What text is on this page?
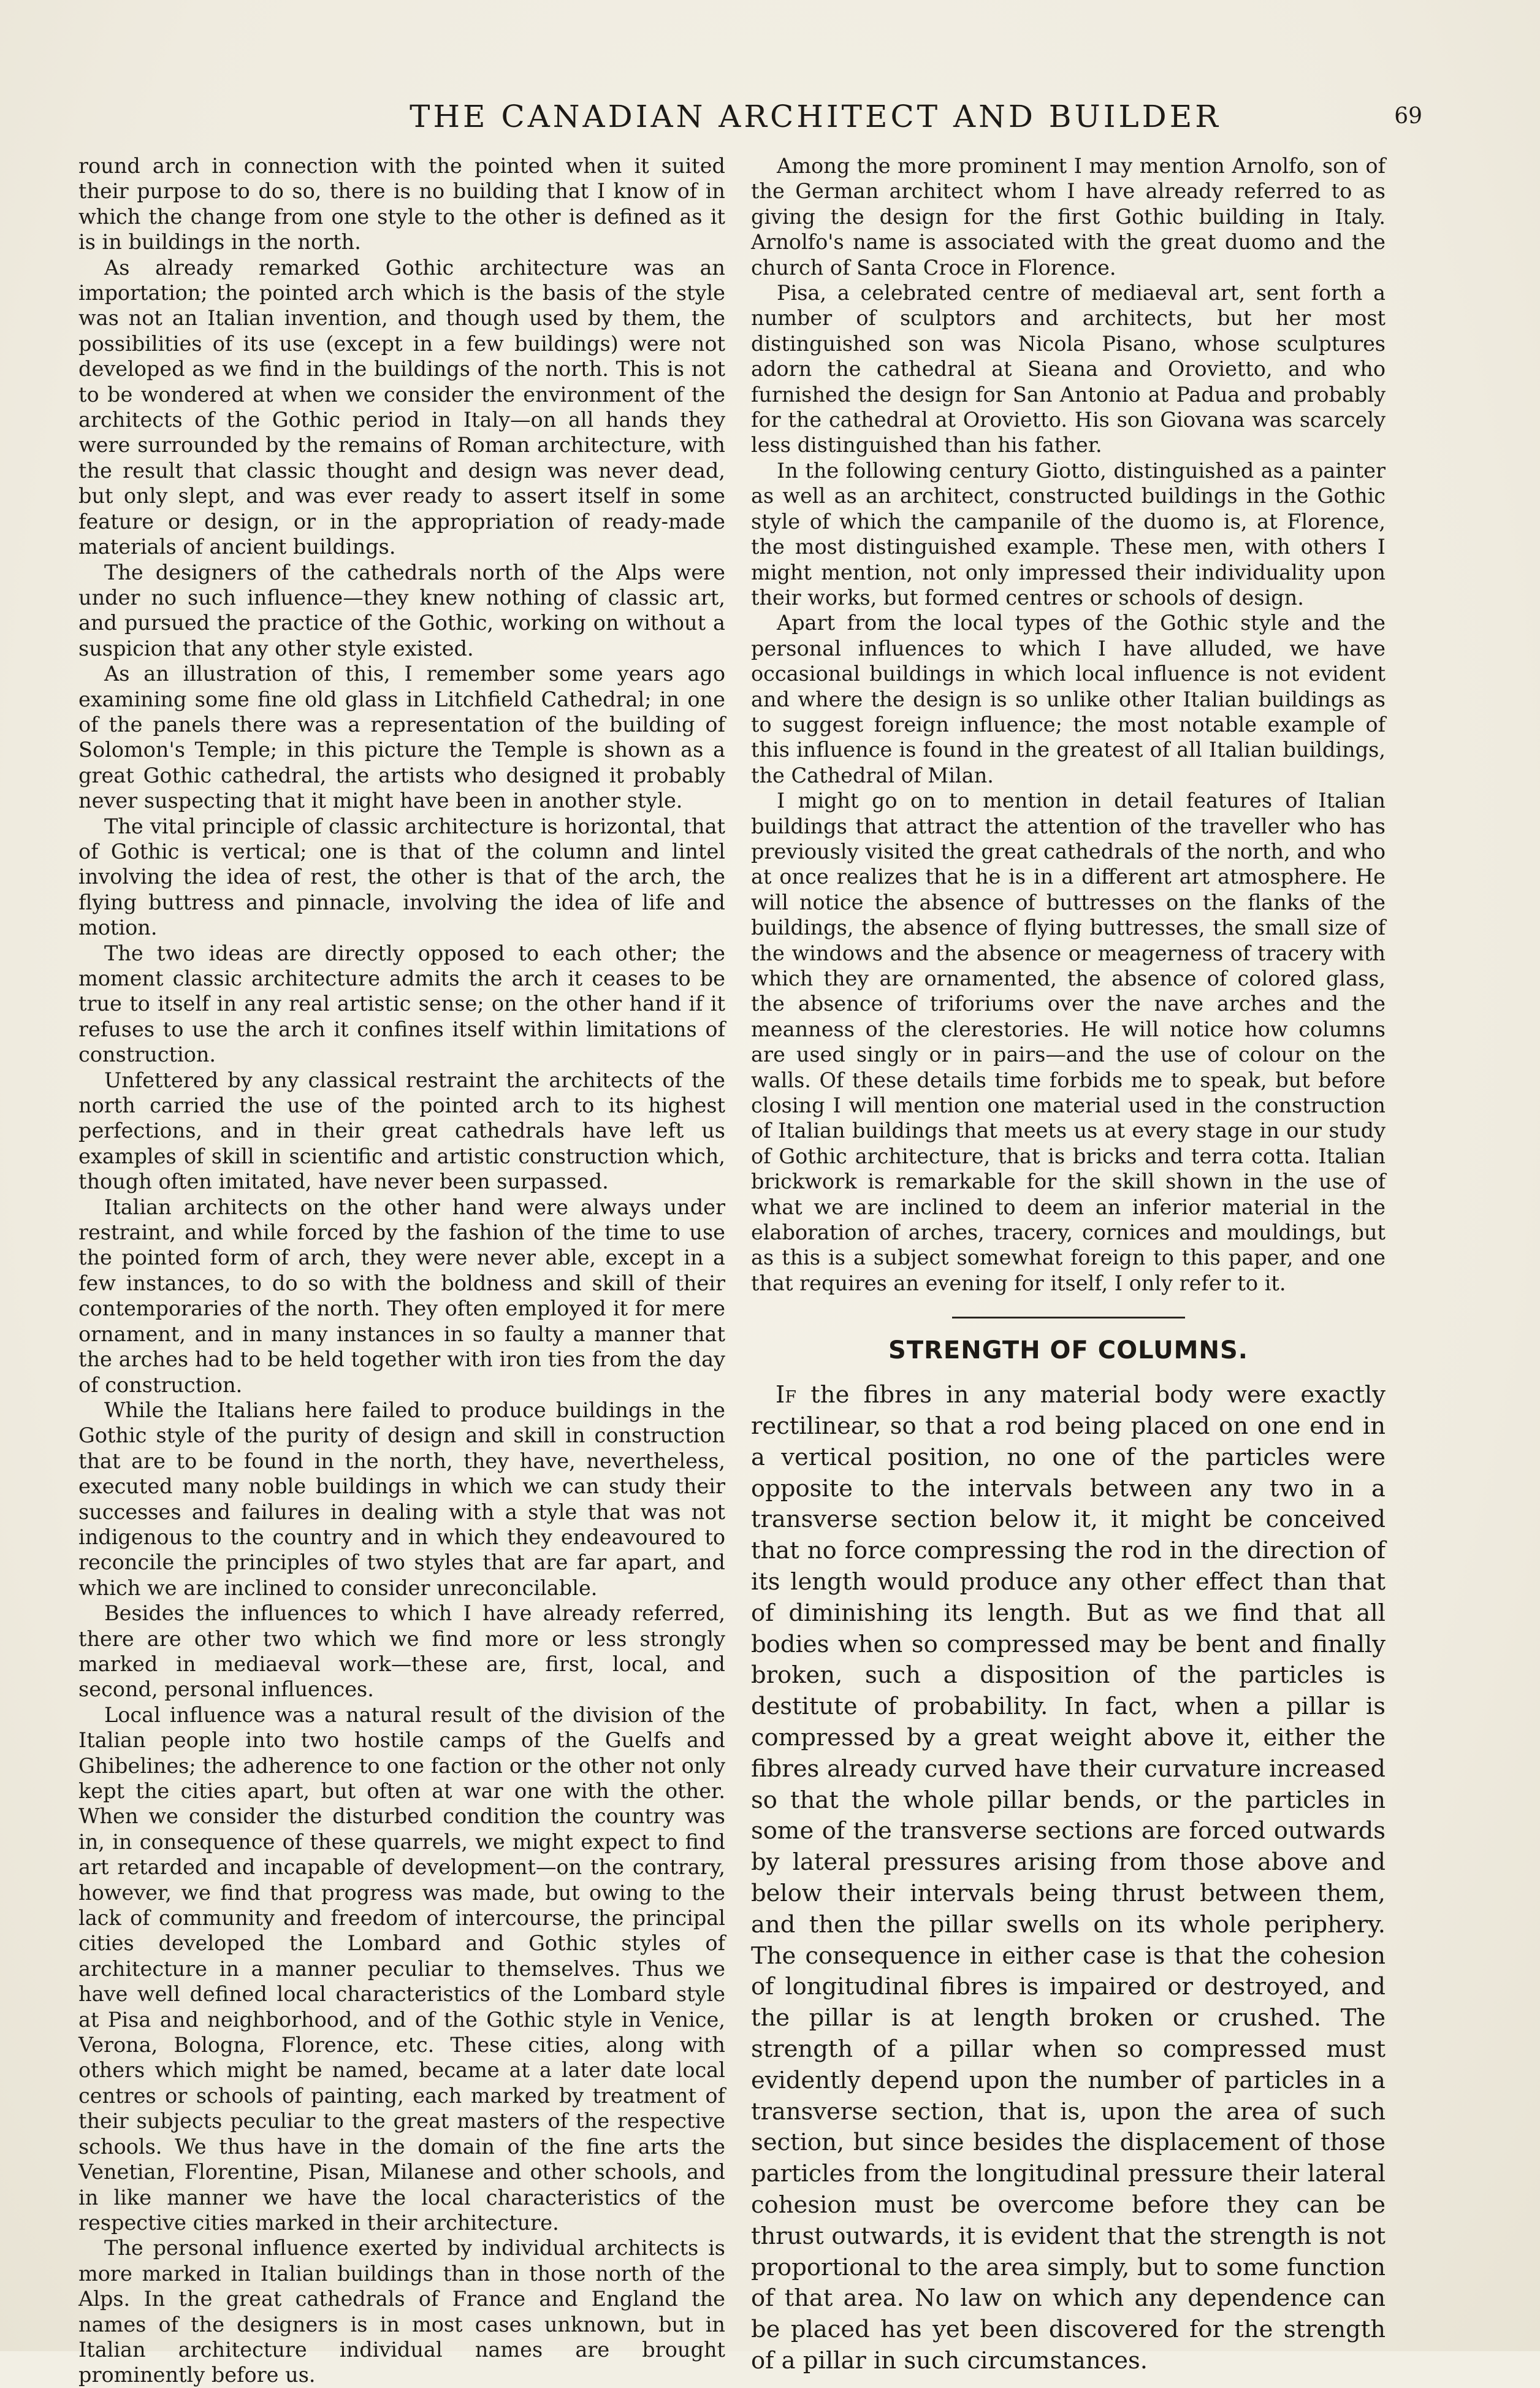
THE CANADIAN ARCHITECT AND BUILDER	69

round arch in connection with the pointed when it suited their purpose to do so, there is no building that I know of in which the change from one style to the other is defined as it is in buildings in the north.

As already remarked Gothic architecture was an importation; the pointed arch which is the basis of the style was not an Italian invention, and though used by them, the possibilities of its use (except in a few buildings) were not developed as we find in the buildings of the north. This is not to be wondered at when we consider the environment of the architects of the Gothic period in Italy—on all hands they were surrounded by the remains of Roman architecture, with the result that classic thought and design was never dead, but only slept, and was ever ready to assert itself in some feature or design, or in the appropriation of ready-made materials of ancient buildings.

The designers of the cathedrals north of the Alps were under no such influence—they knew nothing of classic art, and pursued the practice of the Gothic, working on without a suspicion that any other style existed.

As an illustration of this, I remember some years ago examining some fine old glass in Litchfield Cathedral; in one of the panels there was a representation of the building of Solomon's Temple; in this picture the Temple is shown as a great Gothic cathedral, the artists who designed it probably never suspecting that it might have been in another style.

The vital principle of classic architecture is horizontal, that of Gothic is vertical; one is that of the column and lintel involving the idea of rest, the other is that of the arch, the flying buttress and pinnacle, involving the idea of life and motion.

The two ideas are directly opposed to each other; the moment classic architecture admits the arch it ceases to be true to itself in any real artistic sense; on the other hand if it refuses to use the arch it confines itself within limitations of construction.

Unfettered by any classical restraint the architects of the north carried the use of the pointed arch to its highest perfections, and in their great cathedrals have left us examples of skill in scientific and artistic construction which, though often imitated, have never been surpassed.

Italian architects on the other hand were always under restraint, and while forced by the fashion of the time to use the pointed form of arch, they were never able, except in a few instances, to do so with the boldness and skill of their contemporaries of the north. They often employed it for mere ornament, and in many instances in so faulty a manner that the arches had to be held together with iron ties from the day of construction.

While the Italians here failed to produce buildings in the Gothic style of the purity of design and skill in construction that are to be found in the north, they have, nevertheless, executed many noble buildings in which we can study their successes and failures in dealing with a style that was not indigenous to the country and in which they endeavoured to reconcile the principles of two styles that are far apart, and which we are inclined to consider unreconcilable.

Besides the influences to which I have already referred, there are other two which we find more or less strongly marked in mediaeval work—these are, first, local, and second, personal influences.

Local influence was a natural result of the division of the Italian people into two hostile camps of the Guelfs and Ghibelines; the adherence to one faction or the other not only kept the cities apart, but often at war one with the other. When we consider the disturbed condition the country was in, in consequence of these quarrels, we might expect to find art retarded and incapable of development—on the contrary, however, we find that progress was made, but owing to the lack of community and freedom of intercourse, the principal cities developed the Lombard and Gothic styles of architecture in a manner peculiar to themselves. Thus we have well defined local characteristics of the Lombard style at Pisa and neighborhood, and of the Gothic style in Venice, Verona, Bologna, Florence, etc. These cities, along with others which might be named, became at a later date local centres or schools of painting, each marked by treatment of their subjects peculiar to the great masters of the respective schools. We thus have in the domain of the fine arts the Venetian, Florentine, Pisan, Milanese and other schools, and in like manner we have the local characteristics of the respective cities marked in their architecture.

The personal influence exerted by individual architects is more marked in Italian buildings than in those north of the Alps. In the great cathedrals of France and England the names of the designers is in most cases unknown, but in Italian architecture individual names are brought prominently before us.

Among the more prominent I may mention Arnolfo, son of the German architect whom I have already referred to as giving the design for the first Gothic building in Italy. Arnolfo's name is associated with the great duomo and the church of Santa Croce in Florence.

Pisa, a celebrated centre of mediaeval art, sent forth a number of sculptors and architects, but her most distinguished son was Nicola Pisano, whose sculptures adorn the cathedral at Sieana and Orovietto, and who furnished the design for San Antonio at Padua and probably for the cathedral at Orovietto. His son Giovana was scarcely less distinguished than his father.

In the following century Giotto, distinguished as a painter as well as an architect, constructed buildings in the Gothic style of which the campanile of the duomo is, at Florence, the most distinguished example. These men, with others I might mention, not only impressed their individuality upon their works, but formed centres or schools of design.

Apart from the local types of the Gothic style and the personal influences to which I have alluded, we have occasional buildings in which local influence is not evident and where the design is so unlike other Italian buildings as to suggest foreign influence; the most notable example of this influence is found in the greatest of all Italian buildings, the Cathedral of Milan.

I might go on to mention in detail features of Italian buildings that attract the attention of the traveller who has previously visited the great cathedrals of the north, and who at once realizes that he is in a different art atmosphere. He will notice the absence of buttresses on the flanks of the buildings, the absence of flying buttresses, the small size of the windows and the absence or meagerness of tracery with which they are ornamented, the absence of colored glass, the absence of triforiums over the nave arches and the meanness of the clerestories. He will notice how columns are used singly or in pairs—and the use of colour on the walls. Of these details time forbids me to speak, but before closing I will mention one material used in the construction of Italian buildings that meets us at every stage in our study of Gothic architecture, that is bricks and terra cotta. Italian brickwork is remarkable for the skill shown in the use of what we are inclined to deem an inferior material in the elaboration of arches, tracery, cornices and mouldings, but as this is a subject somewhat foreign to this paper, and one that requires an evening for itself, I only refer to it.

STRENGTH OF COLUMNS.

If the fibres in any material body were exactly rectilinear, so that a rod being placed on one end in a vertical position, no one of the particles were opposite to the intervals between any two in a transverse section below it, it might be conceived that no force compressing the rod in the direction of its length would produce any other effect than that of diminishing its length. But as we find that all bodies when so compressed may be bent and finally broken, such a disposition of the particles is destitute of probability. In fact, when a pillar is compressed by a great weight above it, either the fibres already curved have their curvature increased so that the whole pillar bends, or the particles in some of the transverse sections are forced outwards by lateral pressures arising from those above and below their intervals being thrust between them, and then the pillar swells on its whole periphery. The consequence in either case is that the cohesion of longitudinal fibres is impaired or destroyed, and the pillar is at length broken or crushed. The strength of a pillar when so compressed must evidently depend upon the number of particles in a transverse section, that is, upon the area of such section, but since besides the displacement of those particles from the longitudinal pressure their lateral cohesion must be overcome before they can be thrust outwards, it is evident that the strength is not proportional to the area simply, but to some function of that area. No law on which any dependence can be placed has yet been discovered for the strength of a pillar in such circumstances.
